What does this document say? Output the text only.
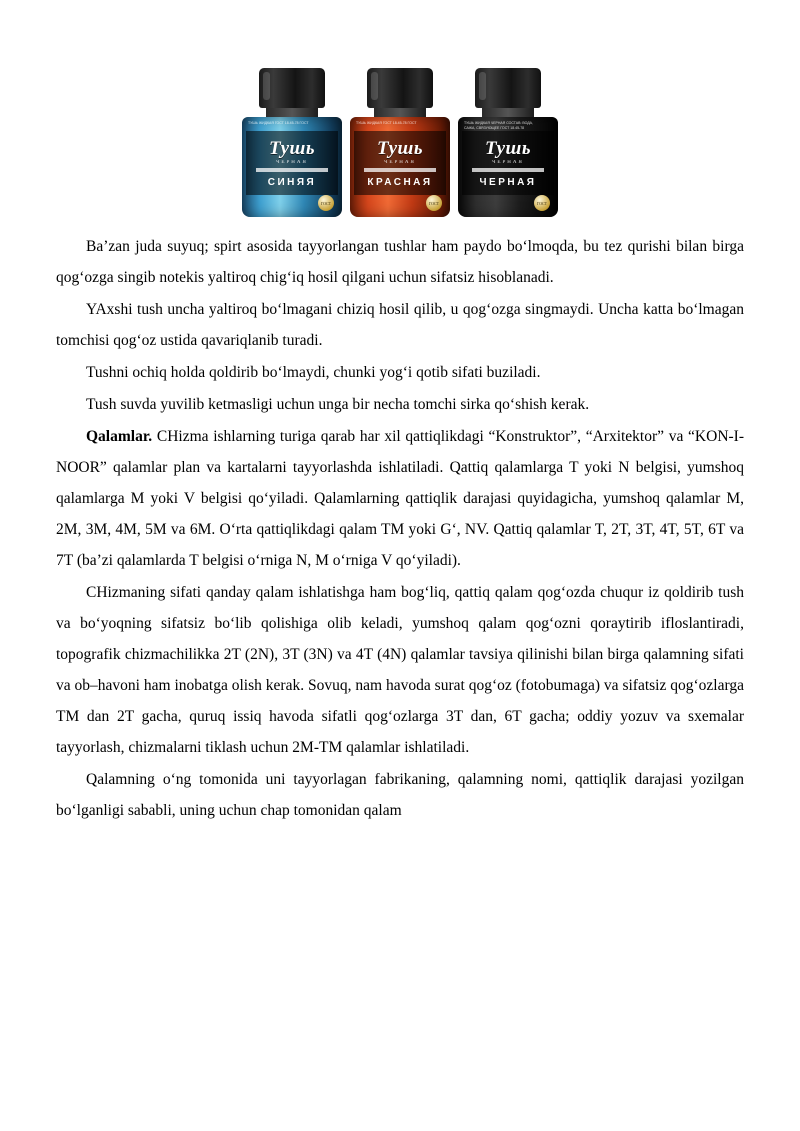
ТУШЬ ЖИДКАЯ ГОСТ 18.45-78 ГОСТ
Тушь
ЧЕРНАЯ
СИНЯЯ
ГОСТ
ТУШЬ ЖИДКАЯ ГОСТ 18.45-78 ГОСТ
Тушь
ЧЕРНАЯ
КРАСНАЯ
ГОСТ
ТУШЬ ЖИДКАЯ ЧЕРНАЯ СОСТАВ: ВОДА, САЖА, СВЯЗУЮЩЕЕ ГОСТ 18.45-78
Тушь
ЧЕРНАЯ
ЧЕРНАЯ
ГОСТ

Ba’zan juda suyuq; spirt asosida tayyorlangan tushlar ham paydo bo‘lmoqda, bu tez qurishi bilan birga qog‘ozga singib notekis yaltiroq chig‘iq hosil qilgani uchun sifatsiz hisoblanadi.

YAxshi tush uncha yaltiroq bo‘lmagani chiziq hosil qilib, u qog‘ozga singmaydi. Uncha katta bo‘lmagan tomchisi qog‘oz ustida qavariqlanib turadi.

Tushni ochiq holda qoldirib bo‘lmaydi, chunki yog‘i qotib sifati buziladi.

Tush suvda yuvilib ketmasligi uchun unga bir necha tomchi sirka qo‘shish kerak.

Qalamlar. CHizma ishlarning turiga qarab har xil qattiqlikdagi “Konstruktor”, “Arxitektor” va “KON-I-NOOR” qalamlar plan va kartalarni tayyorlashda ishlatiladi. Qattiq qalamlarga T yoki N belgisi, yumshoq qalamlarga M yoki V belgisi qo‘yiladi. Qalamlarning qattiqlik darajasi quyidagicha, yumshoq qalamlar M, 2M, 3M, 4M, 5M va 6M. O‘rta qattiqlikdagi qalam TM yoki G‘, NV. Qattiq qalamlar T, 2T, 3T, 4T, 5T, 6T va 7T (ba’zi qalamlarda T belgisi o‘rniga N, M o‘rniga V qo‘yiladi).

CHizmaning sifati qanday qalam ishlatishga ham bog‘liq, qattiq qalam qog‘ozda chuqur iz qoldirib tush va bo‘yoqning sifatsiz bo‘lib qolishiga olib keladi, yumshoq qalam qog‘ozni qoraytirib ifloslantiradi, topografik chizmachilikka 2T (2N), 3T (3N) va 4T (4N) qalamlar tavsiya qilinishi bilan birga qalamning sifati va ob–havoni ham inobatga olish kerak. Sovuq, nam havoda surat qog‘oz (fotobumaga) va sifatsiz qog‘ozlarga TM dan 2T gacha, quruq issiq havoda sifatli qog‘ozlarga 3T dan, 6T gacha; oddiy yozuv va sxemalar tayyorlash, chizmalarni tiklash uchun 2M-TM qalamlar ishlatiladi.

Qalamning o‘ng tomonida uni tayyorlagan fabrikaning, qalamning nomi, qattiqlik darajasi yozilgan bo‘lganligi sababli, uning uchun chap tomonidan qalam
